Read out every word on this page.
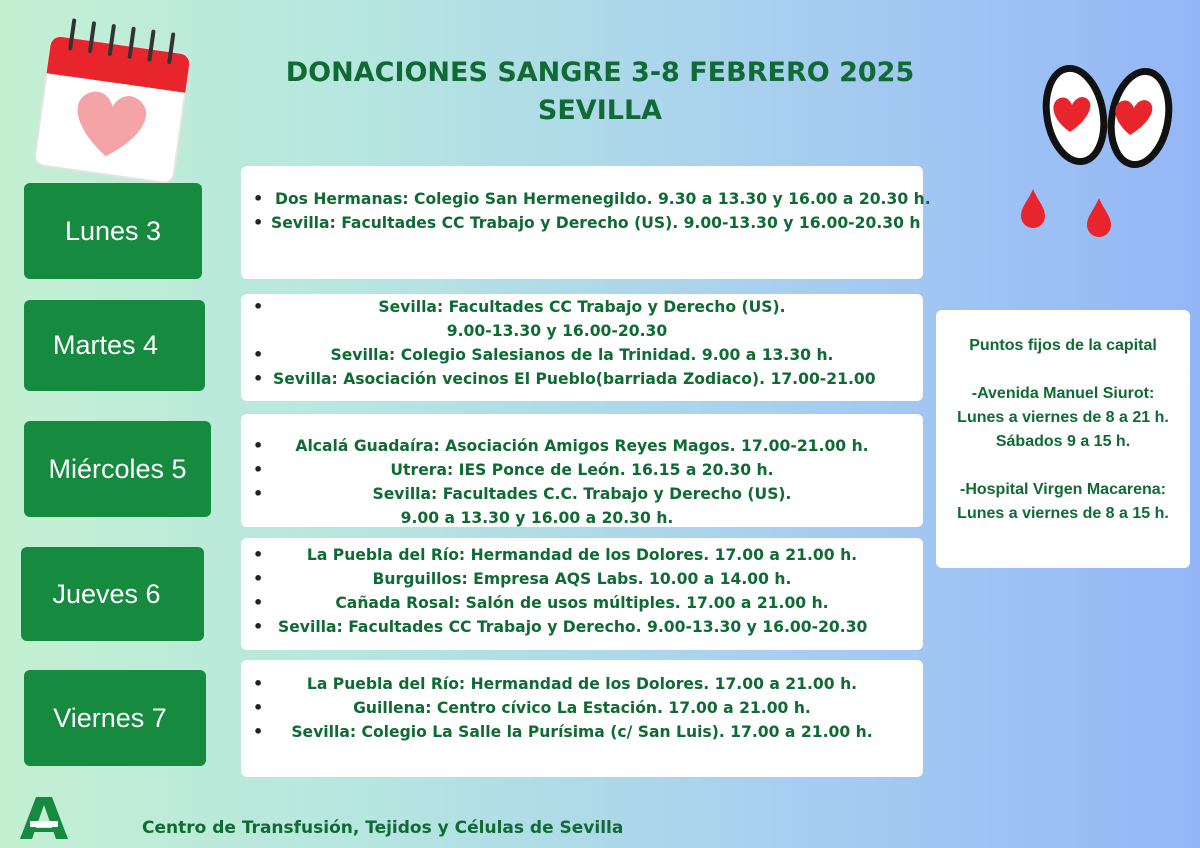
DONACIONES SANGRE 3-8 FEBRERO 2025
SEVILLA
Lunes 3
• Dos Hermanas: Colegio San Hermenegildo. 9.30 a 13.30 y 16.00 a 20.30 h.
• Sevilla: Facultades CC Trabajo y Derecho (US). 9.00-13.30 y 16.00-20.30 h
Martes 4
• Sevilla: Facultades CC Trabajo y Derecho (US).
9.00-13.30 y 16.00-20.30
• Sevilla: Colegio Salesianos de la Trinidad. 9.00 a 13.30 h.
• Sevilla: Asociación vecinos El Pueblo(barriada Zodiaco). 17.00-21.00
Miércoles 5
• Alcalá Guadaíra: Asociación Amigos Reyes Magos. 17.00-21.00 h.
• Utrera: IES Ponce de León. 16.15 a 20.30 h.
• Sevilla: Facultades C.C. Trabajo y Derecho (US).
9.00 a 13.30 y 16.00 a 20.30 h.
Jueves 6
• La Puebla del Río: Hermandad de los Dolores. 17.00 a 21.00 h.
• Burguillos: Empresa AQS Labs. 10.00 a 14.00 h.
• Cañada Rosal: Salón de usos múltiples. 17.00 a 21.00 h.
• Sevilla: Facultades CC Trabajo y Derecho. 9.00-13.30 y 16.00-20.30
Viernes 7
• La Puebla del Río: Hermandad de los Dolores. 17.00 a 21.00 h.
• Guillena: Centro cívico La Estación. 17.00 a 21.00 h.
• Sevilla: Colegio La Salle la Purísima (c/ San Luis). 17.00 a 21.00 h.
Puntos fijos de la capital
-Avenida Manuel Siurot:
Lunes a viernes de 8 a 21 h.
Sábados 9 a 15 h.
-Hospital Virgen Macarena:
Lunes a viernes de 8 a 15 h.
Centro de Transfusión, Tejidos y Células de Sevilla
